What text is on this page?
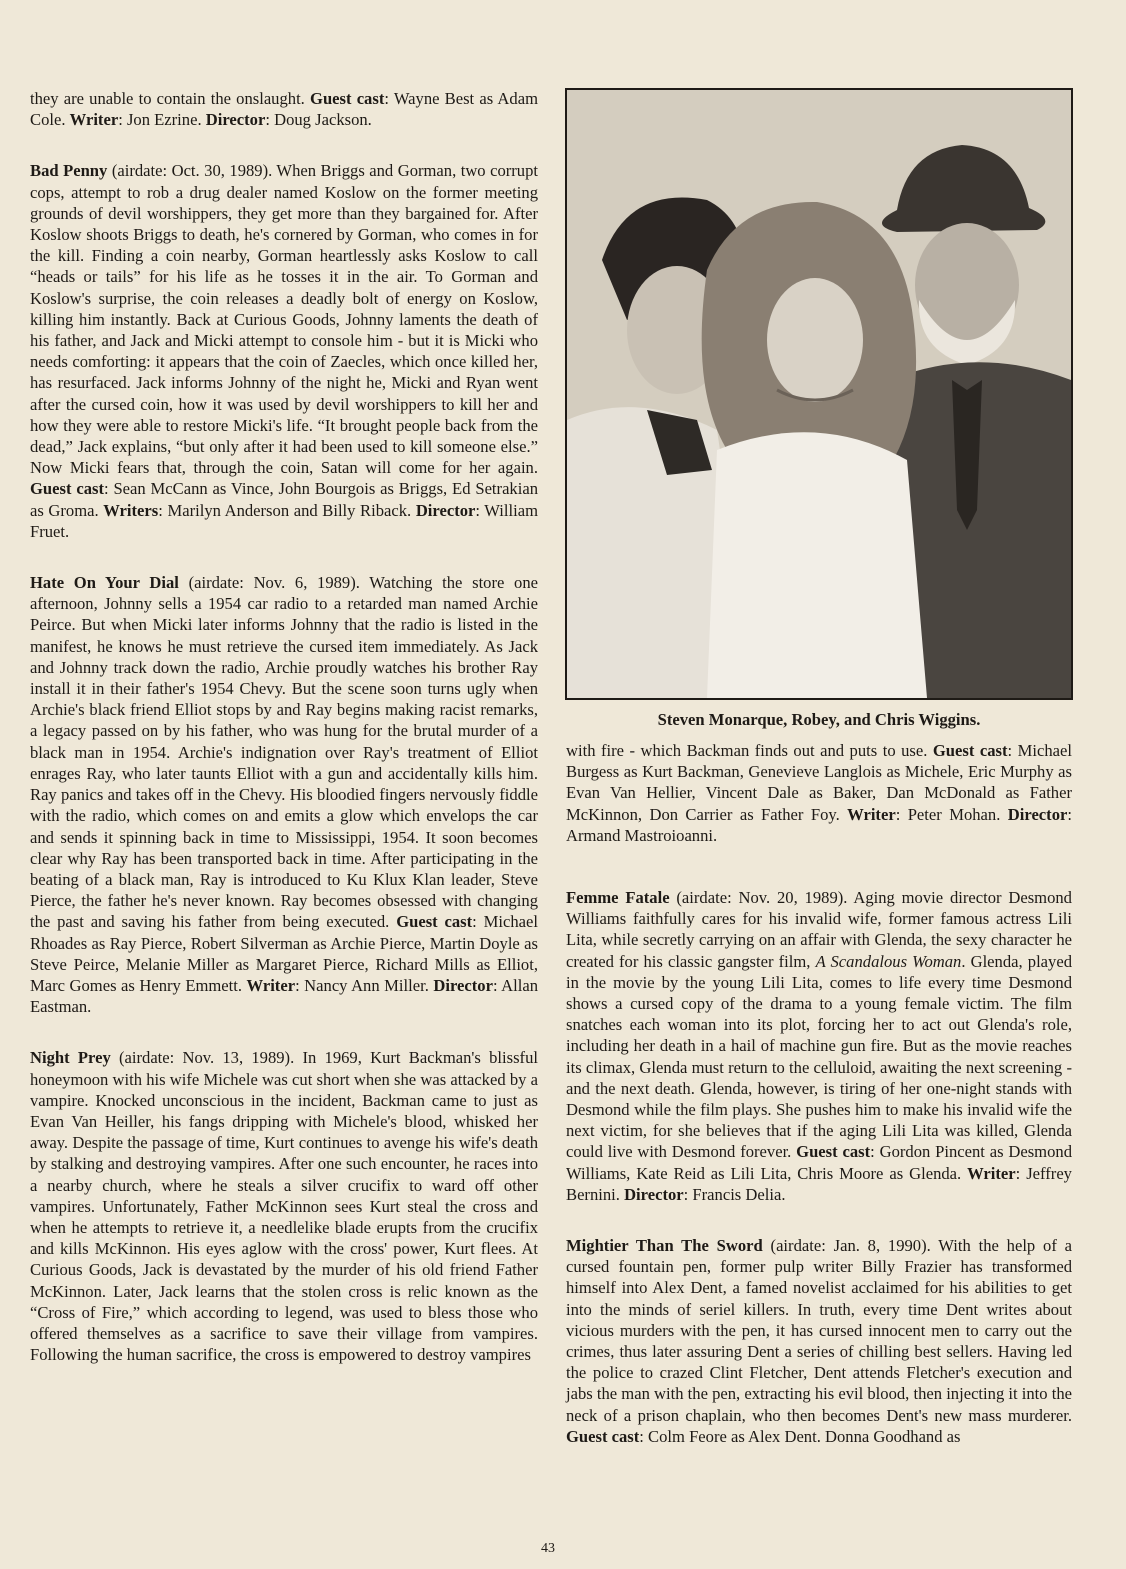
they are unable to contain the onslaught. Guest cast: Wayne Best as Adam Cole. Writer: Jon Ezrine. Director: Doug Jackson.

Bad Penny (airdate: Oct. 30, 1989). When Briggs and Gorman, two corrupt cops, attempt to rob a drug dealer named Koslow on the former meeting grounds of devil worshippers, they get more than they bargained for. After Koslow shoots Briggs to death, he's cornered by Gorman, who comes in for the kill. Finding a coin nearby, Gorman heartlessly asks Koslow to call “heads or tails” for his life as he tosses it in the air. To Gorman and Koslow's surprise, the coin releases a deadly bolt of energy on Koslow, killing him instantly. Back at Curious Goods, Johnny laments the death of his father, and Jack and Micki attempt to console him - but it is Micki who needs comforting: it appears that the coin of Zaecles, which once killed her, has resurfaced. Jack informs Johnny of the night he, Micki and Ryan went after the cursed coin, how it was used by devil worshippers to kill her and how they were able to restore Micki's life. “It brought people back from the dead,” Jack explains, “but only after it had been used to kill someone else.” Now Micki fears that, through the coin, Satan will come for her again. Guest cast: Sean McCann as Vince, John Bourgois as Briggs, Ed Setrakian as Groma. Writers: Marilyn Anderson and Billy Riback. Director: William Fruet.

Hate On Your Dial (airdate: Nov. 6, 1989). Watching the store one afternoon, Johnny sells a 1954 car radio to a retarded man named Archie Peirce. But when Micki later informs Johnny that the radio is listed in the manifest, he knows he must retrieve the cursed item immediately. As Jack and Johnny track down the radio, Archie proudly watches his brother Ray install it in their father's 1954 Chevy. But the scene soon turns ugly when Archie's black friend Elliot stops by and Ray begins making racist remarks, a legacy passed on by his father, who was hung for the brutal murder of a black man in 1954. Archie's indignation over Ray's treatment of Elliot enrages Ray, who later taunts Elliot with a gun and accidentally kills him. Ray panics and takes off in the Chevy. His bloodied fingers nervously fiddle with the radio, which comes on and emits a glow which envelops the car and sends it spinning back in time to Mississippi, 1954. It soon becomes clear why Ray has been transported back in time. After participating in the beating of a black man, Ray is introduced to Ku Klux Klan leader, Steve Pierce, the father he's never known. Ray becomes obsessed with changing the past and saving his father from being executed. Guest cast: Michael Rhoades as Ray Pierce, Robert Silverman as Archie Pierce, Martin Doyle as Steve Peirce, Melanie Miller as Margaret Pierce, Richard Mills as Elliot, Marc Gomes as Henry Emmett. Writer: Nancy Ann Miller. Director: Allan Eastman.

Night Prey (airdate: Nov. 13, 1989). In 1969, Kurt Backman's blissful honeymoon with his wife Michele was cut short when she was attacked by a vampire. Knocked unconscious in the incident, Backman came to just as Evan Van Heiller, his fangs dripping with Michele's blood, whisked her away. Despite the passage of time, Kurt continues to avenge his wife's death by stalking and destroying vampires. After one such encounter, he races into a nearby church, where he steals a silver crucifix to ward off other vampires. Unfortunately, Father McKinnon sees Kurt steal the cross and when he attempts to retrieve it, a needlelike blade erupts from the crucifix and kills McKinnon. His eyes aglow with the cross' power, Kurt flees. At Curious Goods, Jack is devastated by the murder of his old friend Father McKinnon. Later, Jack learns that the stolen cross is relic known as the “Cross of Fire,” which according to legend, was used to bless those who offered themselves as a sacrifice to save their village from vampires. Following the human sacrifice, the cross is empowered to destroy vampires

Steven Monarque, Robey, and Chris Wiggins.

with fire - which Backman finds out and puts to use. Guest cast: Michael Burgess as Kurt Backman, Genevieve Langlois as Michele, Eric Murphy as Evan Van Hellier, Vincent Dale as Baker, Dan McDonald as Father McKinnon, Don Carrier as Father Foy. Writer: Peter Mohan. Director: Armand Mastroioanni.

Femme Fatale (airdate: Nov. 20, 1989). Aging movie director Desmond Williams faithfully cares for his invalid wife, former famous actress Lili Lita, while secretly carrying on an affair with Glenda, the sexy character he created for his classic gangster film, A Scandalous Woman. Glenda, played in the movie by the young Lili Lita, comes to life every time Desmond shows a cursed copy of the drama to a young female victim. The film snatches each woman into its plot, forcing her to act out Glenda's role, including her death in a hail of machine gun fire. But as the movie reaches its climax, Glenda must return to the celluloid, awaiting the next screening - and the next death. Glenda, however, is tiring of her one-night stands with Desmond while the film plays. She pushes him to make his invalid wife the next victim, for she believes that if the aging Lili Lita was killed, Glenda could live with Desmond forever. Guest cast: Gordon Pincent as Desmond Williams, Kate Reid as Lili Lita, Chris Moore as Glenda. Writer: Jeffrey Bernini. Director: Francis Delia.

Mightier Than The Sword (airdate: Jan. 8, 1990). With the help of a cursed fountain pen, former pulp writer Billy Frazier has transformed himself into Alex Dent, a famed novelist acclaimed for his abilities to get into the minds of seriel killers. In truth, every time Dent writes about vicious murders with the pen, it has cursed innocent men to carry out the crimes, thus later assuring Dent a series of chilling best sellers. Having led the police to crazed Clint Fletcher, Dent attends Fletcher's execution and jabs the man with the pen, extracting his evil blood, then injecting it into the neck of a prison chaplain, who then becomes Dent's new mass murderer. Guest cast: Colm Feore as Alex Dent. Donna Goodhand as

43
